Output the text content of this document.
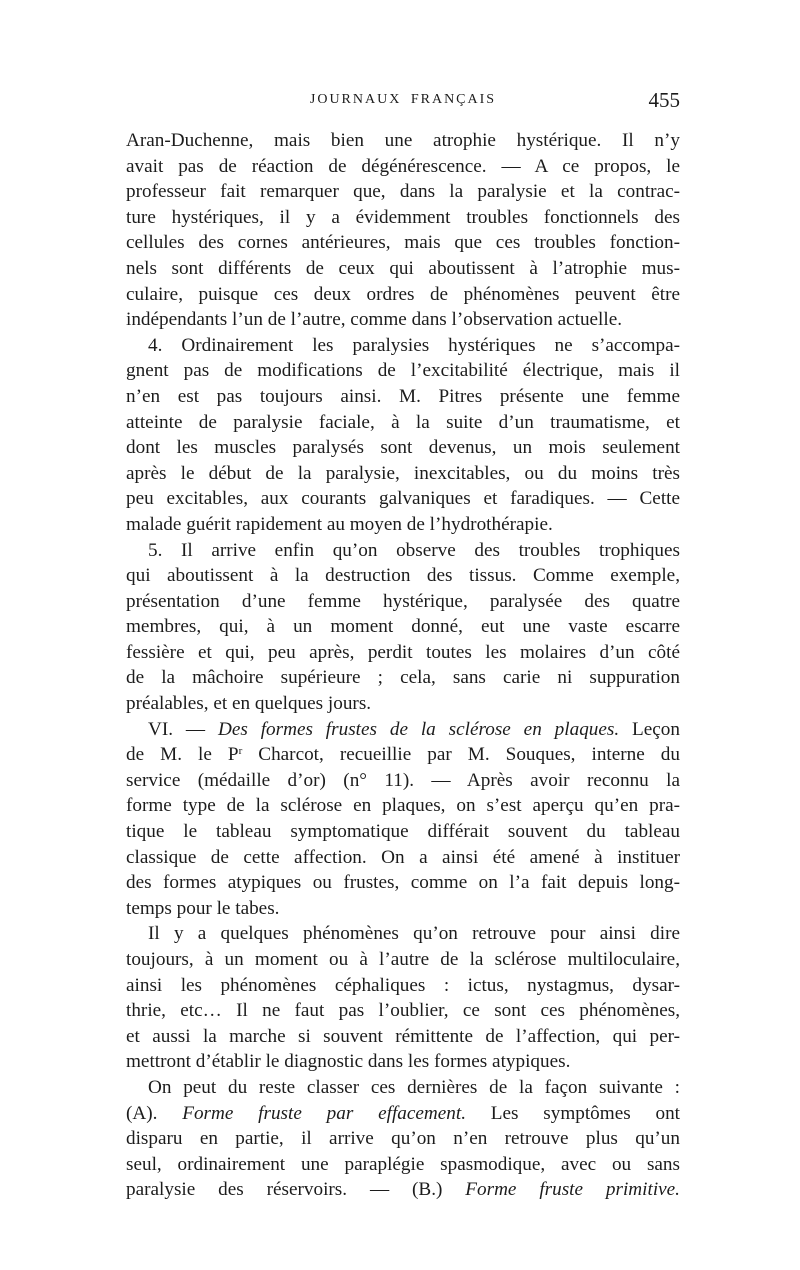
JOURNAUX FRANÇAIS	455
Aran-Duchenne, mais bien une atrophie hystérique. Il n’y
avait pas de réaction de dégénérescence. — A ce propos, le
professeur fait remarquer que, dans la paralysie et la contrac-
ture hystériques, il y a évidemment troubles fonctionnels des
cellules des cornes antérieures, mais que ces troubles fonction-
nels sont différents de ceux qui aboutissent à l’atrophie mus-
culaire, puisque ces deux ordres de phénomènes peuvent être
indépendants l’un de l’autre, comme dans l’observation actuelle.
4. Ordinairement les paralysies hystériques ne s’accompa-
gnent pas de modifications de l’excitabilité électrique, mais il
n’en est pas toujours ainsi. M. Pitres présente une femme
atteinte de paralysie faciale, à la suite d’un traumatisme, et
dont les muscles paralysés sont devenus, un mois seulement
après le début de la paralysie, inexcitables, ou du moins très
peu excitables, aux courants galvaniques et faradiques. — Cette
malade guérit rapidement au moyen de l’hydrothérapie.
5. Il arrive enfin qu’on observe des troubles trophiques
qui aboutissent à la destruction des tissus. Comme exemple,
présentation d’une femme hystérique, paralysée des quatre
membres, qui, à un moment donné, eut une vaste escarre
fessière et qui, peu après, perdit toutes les molaires d’un côté
de la mâchoire supérieure ; cela, sans carie ni suppuration
préalables, et en quelques jours.
VI. — Des formes frustes de la sclérose en plaques. Leçon
de M. le $P^r$ Charcot, recueillie par M. Souques, interne du
service (médaille d’or) (n° 11). — Après avoir reconnu la
forme type de la sclérose en plaques, on s’est aperçu qu’en pra-
tique le tableau symptomatique différait souvent du tableau
classique de cette affection. On a ainsi été amené à instituer
des formes atypiques ou frustes, comme on l’a fait depuis long-
temps pour le tabes.
Il y a quelques phénomènes qu’on retrouve pour ainsi dire
toujours, à un moment ou à l’autre de la sclérose multiloculaire,
ainsi les phénomènes céphaliques : ictus, nystagmus, dysar-
thrie, etc… Il ne faut pas l’oublier, ce sont ces phénomènes,
et aussi la marche si souvent rémittente de l’affection, qui per-
mettront d’établir le diagnostic dans les formes atypiques.
On peut du reste classer ces dernières de la façon suivante :
(A). Forme fruste par effacement. Les symptômes ont
disparu en partie, il arrive qu’on n’en retrouve plus qu’un
seul, ordinairement une paraplégie spasmodique, avec ou sans
paralysie des réservoirs. — (B.) Forme fruste primitive.
